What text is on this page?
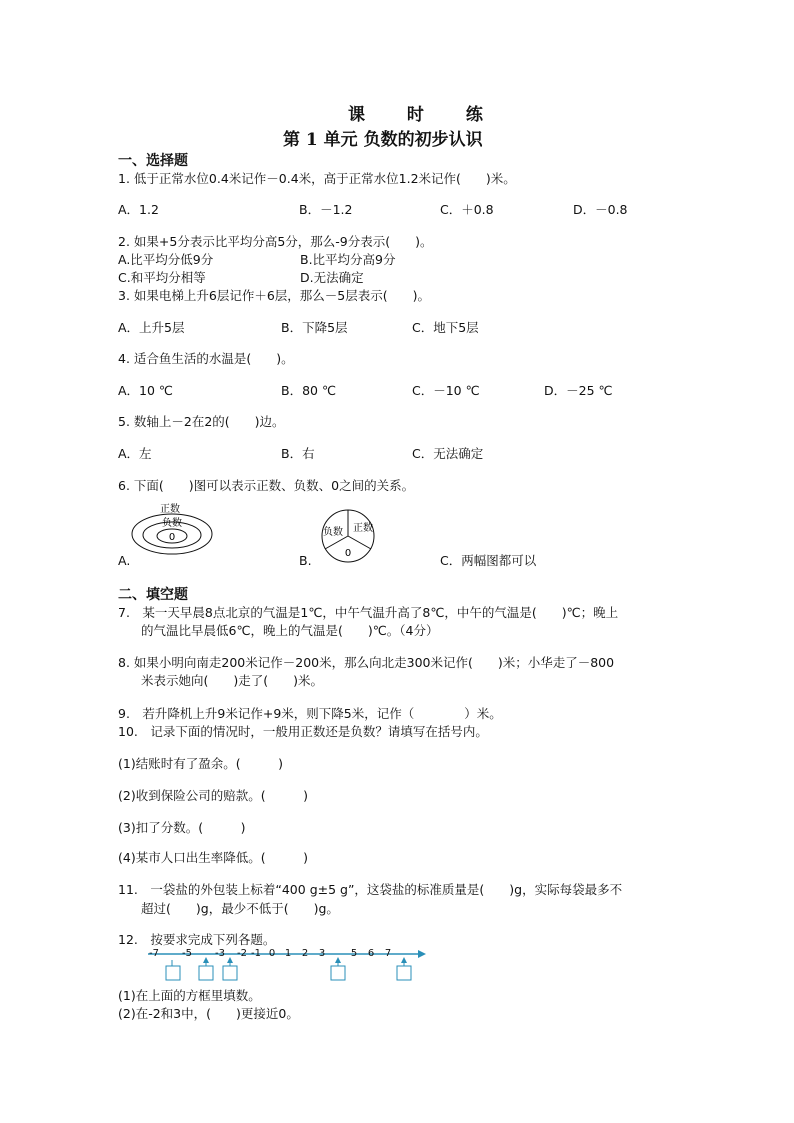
课 时 练
第 1 单元 负数的初步认识
一、选择题
1. 低于正常水位0.4米记作－0.4米，高于正常水位1.2米记作(　　)米。
A．1.2	B．－1.2	C．＋0.8	D．－0.8
2. 如果+5分表示比平均分高5分，那么-9分表示(　　)。
A.比平均分低9分	B.比平均分高9分
C.和平均分相等	D.无法确定
3. 如果电梯上升6层记作＋6层，那么－5层表示(　　)。
A．上升5层	B．下降5层	C．地下5层
4. 适合鱼生活的水温是(　　)。
A．10 ℃	B．80 ℃	C．－10 ℃	D．－25 ℃
5. 数轴上－2在2的(　　)边。
A．左	B．右	C．无法确定
6. 下面(　　)图可以表示正数、负数、0之间的关系。
正数
负数
0
A.
负数 正数
0
B.	C．两幅图都可以
二、填空题
7.　某一天早晨8点北京的气温是1℃，中午气温升高了8℃，中午的气温是(　　)℃；晚上
的气温比早晨低6℃，晚上的气温是(　　)℃。（4分）
8. 如果小明向南走200米记作－200米，那么向北走300米记作(　　)米；小华走了－800
米表示她向(　　)走了(　　)米。
9.　若升降机上升9米记作+9米，则下降5米，记作（　　　　）米。
10.　记录下面的情况时，一般用正数还是负数？请填写在括号内。
(1)结账时有了盈余。(　　　)
(2)收到保险公司的赔款。(　　　)
(3)扣了分数。(　　　)
(4)某市人口出生率降低。(　　　)
11.　一袋盐的外包装上标着“400 g±5 g”，这袋盐的标准质量是(　　)g，实际每袋最多不
超过(　　)g，最少不低于(　　)g。
12.　按要求完成下列各题。
-7 -5 -3 -2 -1 0 1 2 3	5 6 7
(1)在上面的方框里填数。
(2)在-2和3中，(　　)更接近0。
